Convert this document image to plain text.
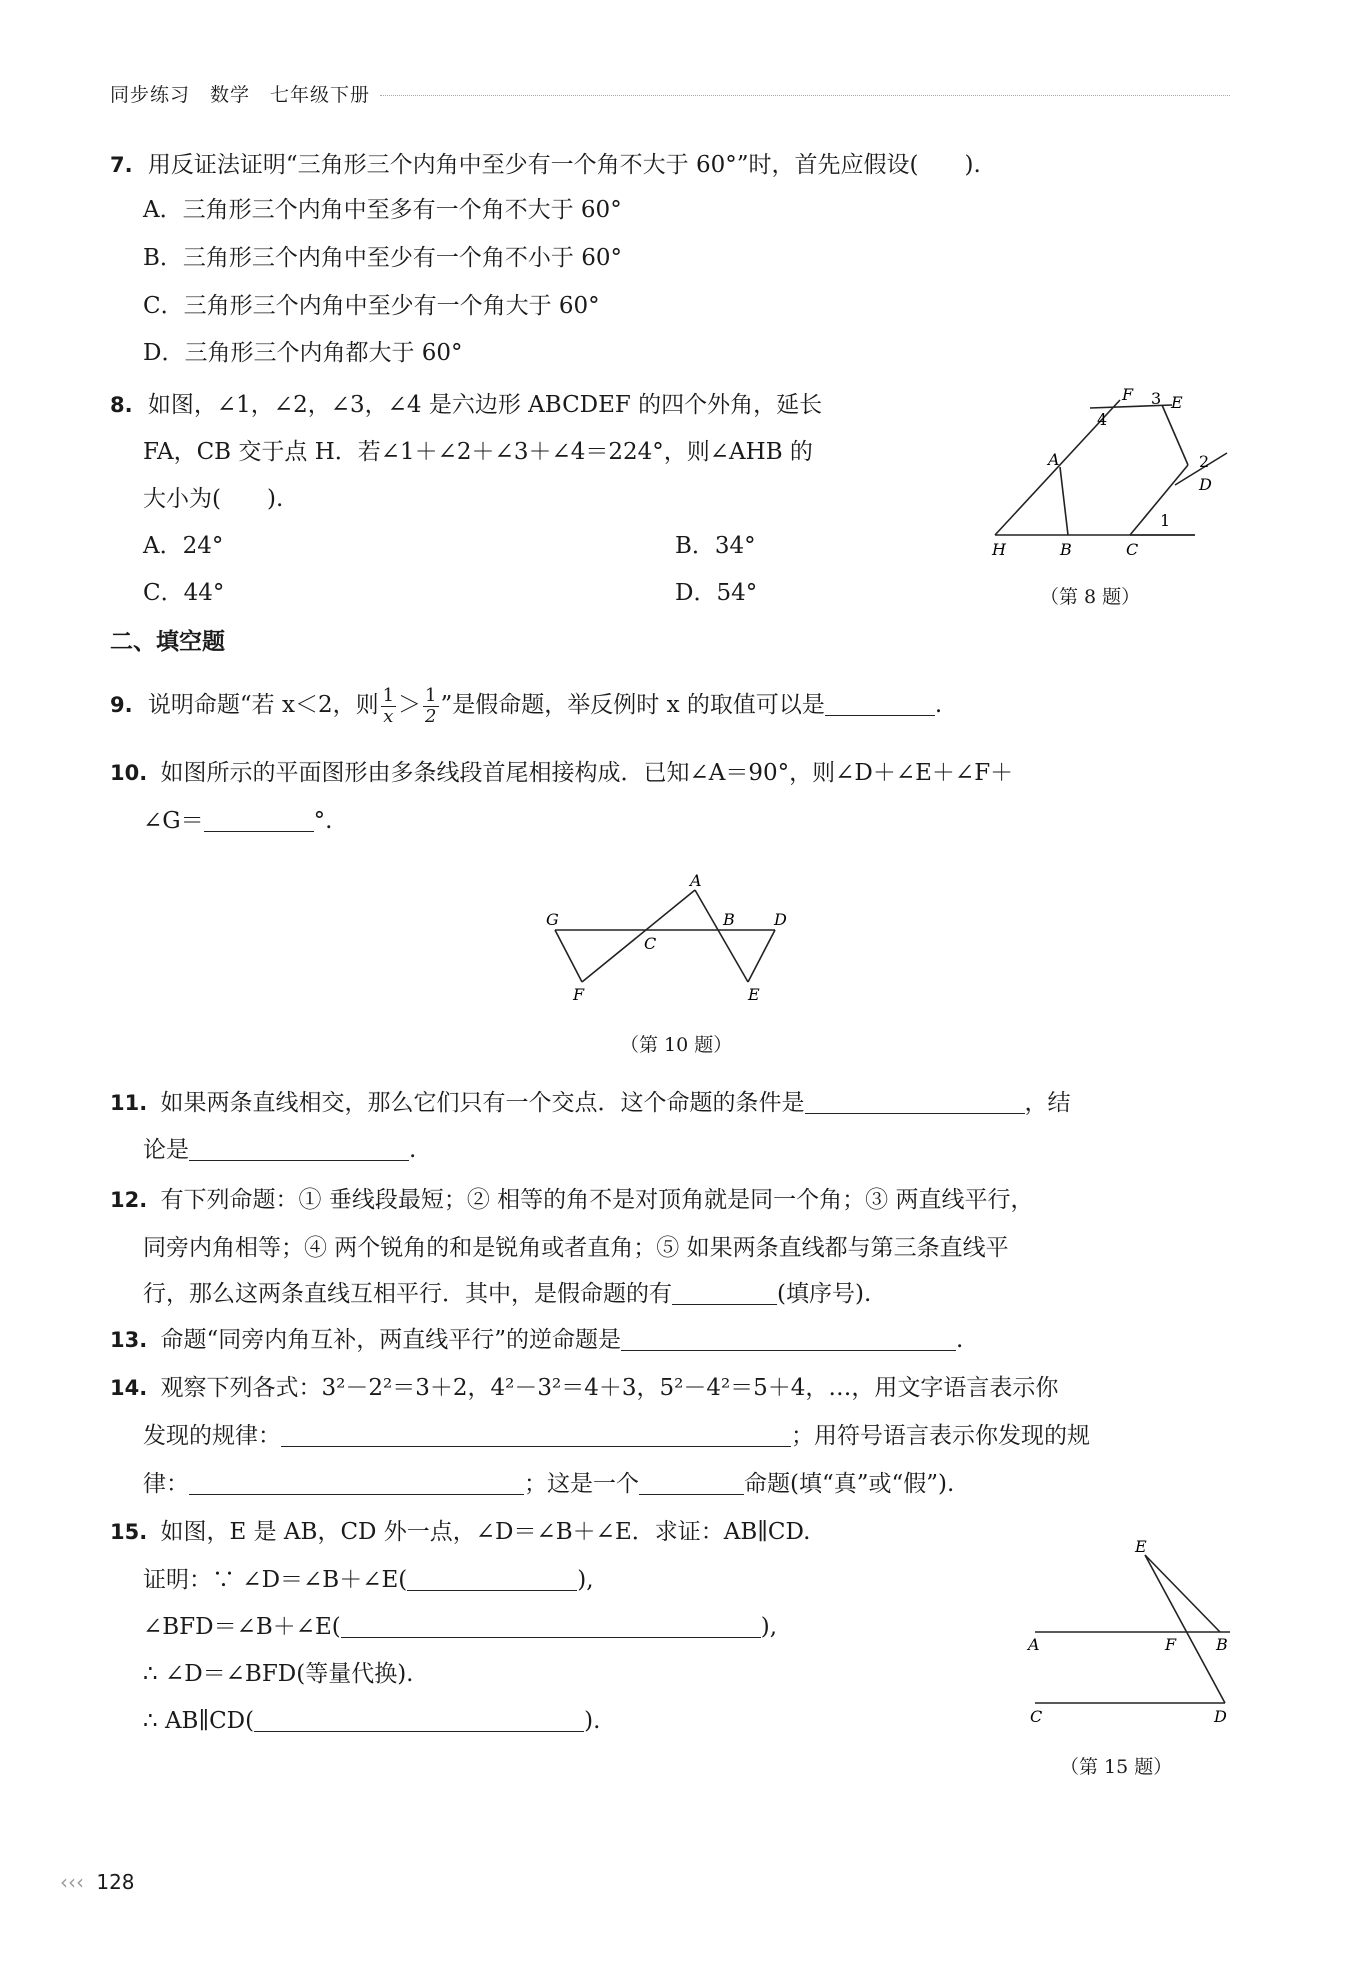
同步练习　数学　七年级下册
7. 用反证法证明“三角形三个内角中至少有一个角不大于 60°”时，首先应假设(　　).
A．三角形三个内角中至多有一个角不大于 60°
B．三角形三个内角中至少有一个角不小于 60°
C．三角形三个内角中至少有一个角大于 60°
D．三角形三个内角都大于 60°
8. 如图，∠1，∠2，∠3，∠4 是六边形 ABCDEF 的四个外角，延长
FA，CB 交于点 H．若∠1＋∠2＋∠3＋∠4＝224°，则∠AHB 的
大小为(　　).
A．24°	B．34°
C．44°	D．54°
F 3 E
4
A	2
D
1
H	B	C
（第 8 题）
二、填空题
9. 说明命题“若 x＜2，则 $\frac{1}{x} > \frac{1}{2}$ ”是假命题，举反例时 x 的取值可以是	.
10. 如图所示的平面图形由多条线段首尾相接构成．已知∠A＝90°，则∠D＋∠E＋∠F＋
∠G＝	°.
A
G	B D
C
F	E
（第 10 题）
11. 如果两条直线相交，那么它们只有一个交点．这个命题的条件是	，结
论是	.
12. 有下列命题：① 垂线段最短；② 相等的角不是对顶角就是同一个角；③ 两直线平行，
同旁内角相等；④ 两个锐角的和是锐角或者直角；⑤ 如果两条直线都与第三条直线平
行，那么这两条直线互相平行．其中，是假命题的有	(填序号).
13. 命题“同旁内角互补，两直线平行”的逆命题是	.
14. 观察下列各式：3²－2²＝3＋2，4²－3²＝4＋3，5²－4²＝5＋4，…，用文字语言表示你
发现的规律：	；用符号语言表示你发现的规
律：	；这是一个	命题(填“真”或“假”).
15. 如图，E 是 AB，CD 外一点，∠D＝∠B＋∠E．求证：AB∥CD.
证明：∵ ∠D＝∠B＋∠E(	),
∠BFD＝∠B＋∠E(	),
∴ ∠D＝∠BFD(等量代换).
∴ AB∥CD(	).
E
A	F B
C	D
（第 15 题）
‹‹‹ 128
